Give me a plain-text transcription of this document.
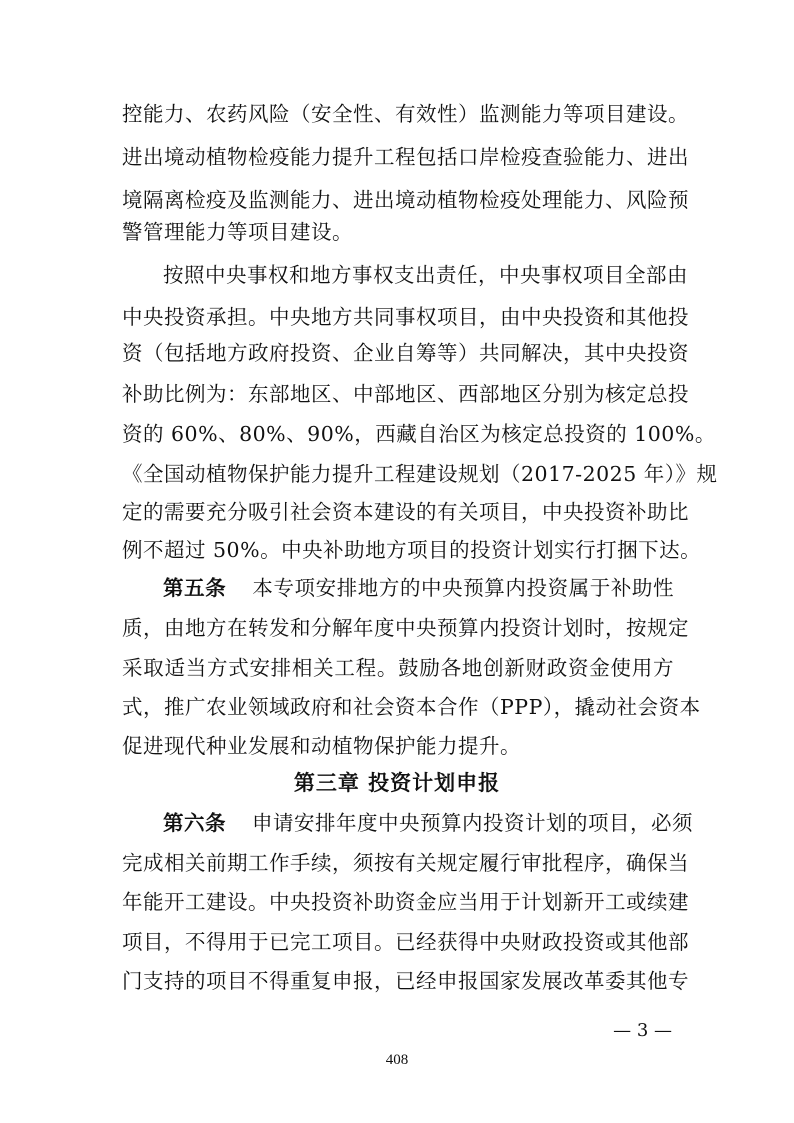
控能力、农药风险（安全性、有效性）监测能力等项目建设。
进出境动植物检疫能力提升工程包括口岸检疫查验能力、进出
境隔离检疫及监测能力、进出境动植物检疫处理能力、风险预
警管理能力等项目建设。
按照中央事权和地方事权支出责任，中央事权项目全部由
中央投资承担。中央地方共同事权项目，由中央投资和其他投
资（包括地方政府投资、企业自筹等）共同解决，其中央投资
补助比例为：东部地区、中部地区、西部地区分别为核定总投
资的 60%、80%、90%，西藏自治区为核定总投资的 100%。
《全国动植物保护能力提升工程建设规划（2017-2025 年）》规
定的需要充分吸引社会资本建设的有关项目，中央投资补助比
例不超过 50%。中央补助地方项目的投资计划实行打捆下达。
第五条 本专项安排地方的中央预算内投资属于补助性
质，由地方在转发和分解年度中央预算内投资计划时，按规定
采取适当方式安排相关工程。鼓励各地创新财政资金使用方
式，推广农业领域政府和社会资本合作（PPP），撬动社会资本
促进现代种业发展和动植物保护能力提升。
第三章 投资计划申报
第六条 申请安排年度中央预算内投资计划的项目，必须
完成相关前期工作手续，须按有关规定履行审批程序，确保当
年能开工建设。中央投资补助资金应当用于计划新开工或续建
项目，不得用于已完工项目。已经获得中央财政投资或其他部
门支持的项目不得重复申报，已经申报国家发展改革委其他专
— 3 —
408
